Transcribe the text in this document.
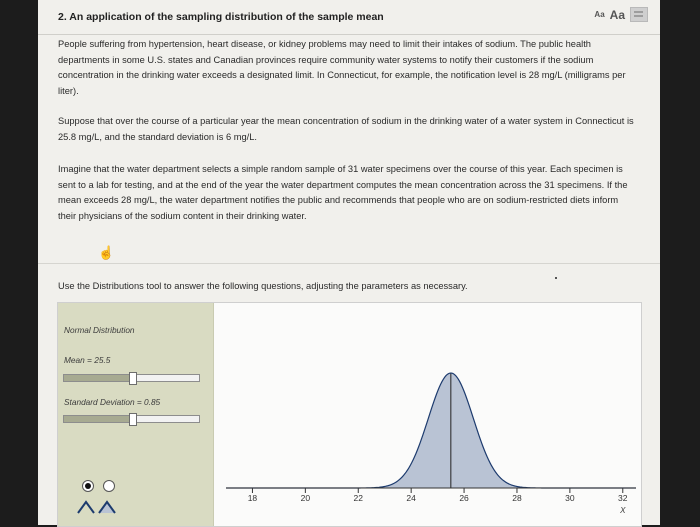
2. An application of the sampling distribution of the sample mean	Aa Aa
People suffering from hypertension, heart disease, or kidney problems may need to limit their intakes of sodium. The public health departments in some U.S. states and Canadian provinces require community water systems to notify their customers if the sodium concentration in the drinking water exceeds a designated limit. In Connecticut, for example, the notification level is 28 mg/L (milligrams per liter).
Suppose that over the course of a particular year the mean concentration of sodium in the drinking water of a water system in Connecticut is 25.8 mg/L, and the standard deviation is 6 mg/L.
Imagine that the water department selects a simple random sample of 31 water specimens over the course of this year. Each specimen is sent to a lab for testing, and at the end of the year the water department computes the mean concentration across the 31 specimens. If the mean exceeds 28 mg/L, the water department notifies the public and recommends that people who are on sodium-restricted diets inform their physicians of the sodium content in their drinking water.
☝
Use the Distributions tool to answer the following questions, adjusting the parameters as necessary.
Normal Distribution
Mean = 25.5
Standard Deviation = 0.85
18	20	22	24	26	28	30	32
X
